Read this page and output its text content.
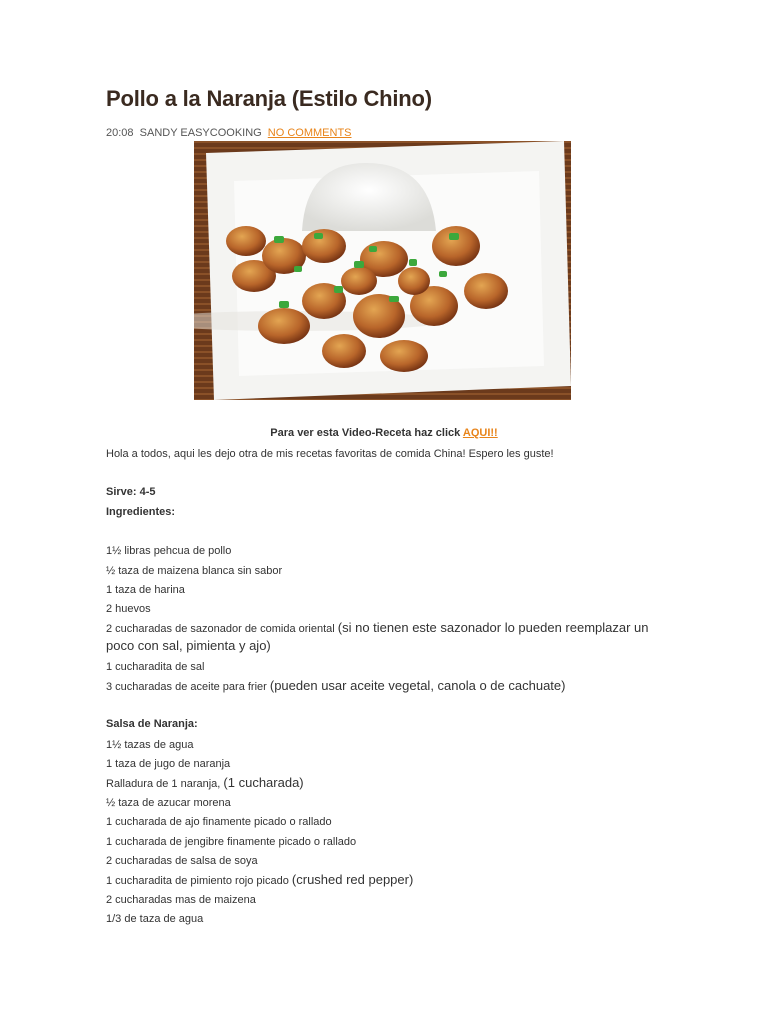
Pollo a la Naranja (Estilo Chino)
20:08 SANDY EASYCOOKING NO COMMENTS
Para ver esta Video-Receta haz click AQUI!!
Hola a todos, aqui les dejo otra de mis recetas favoritas de comida China! Espero les guste!
Sirve: 4-5
Ingredientes:
1½ libras pehcua de pollo
½ taza de maizena blanca sin sabor
1 taza de harina
2 huevos
2 cucharadas de sazonador de comida oriental (si no tienen este sazonador lo pueden reemplazar un
poco con sal, pimienta y ajo)
1 cucharadita de sal
3 cucharadas de aceite para frier (pueden usar aceite vegetal, canola o de cachuate)
Salsa de Naranja:
1½ tazas de agua
1 taza de jugo de naranja
Ralladura de 1 naranja, (1 cucharada)
½ taza de azucar morena
1 cucharada de ajo finamente picado o rallado
1 cucharada de jengibre finamente picado o rallado
2 cucharadas de salsa de soya
1 cucharadita de pimiento rojo picado (crushed red pepper)
2 cucharadas mas de maizena
1/3 de taza de agua
